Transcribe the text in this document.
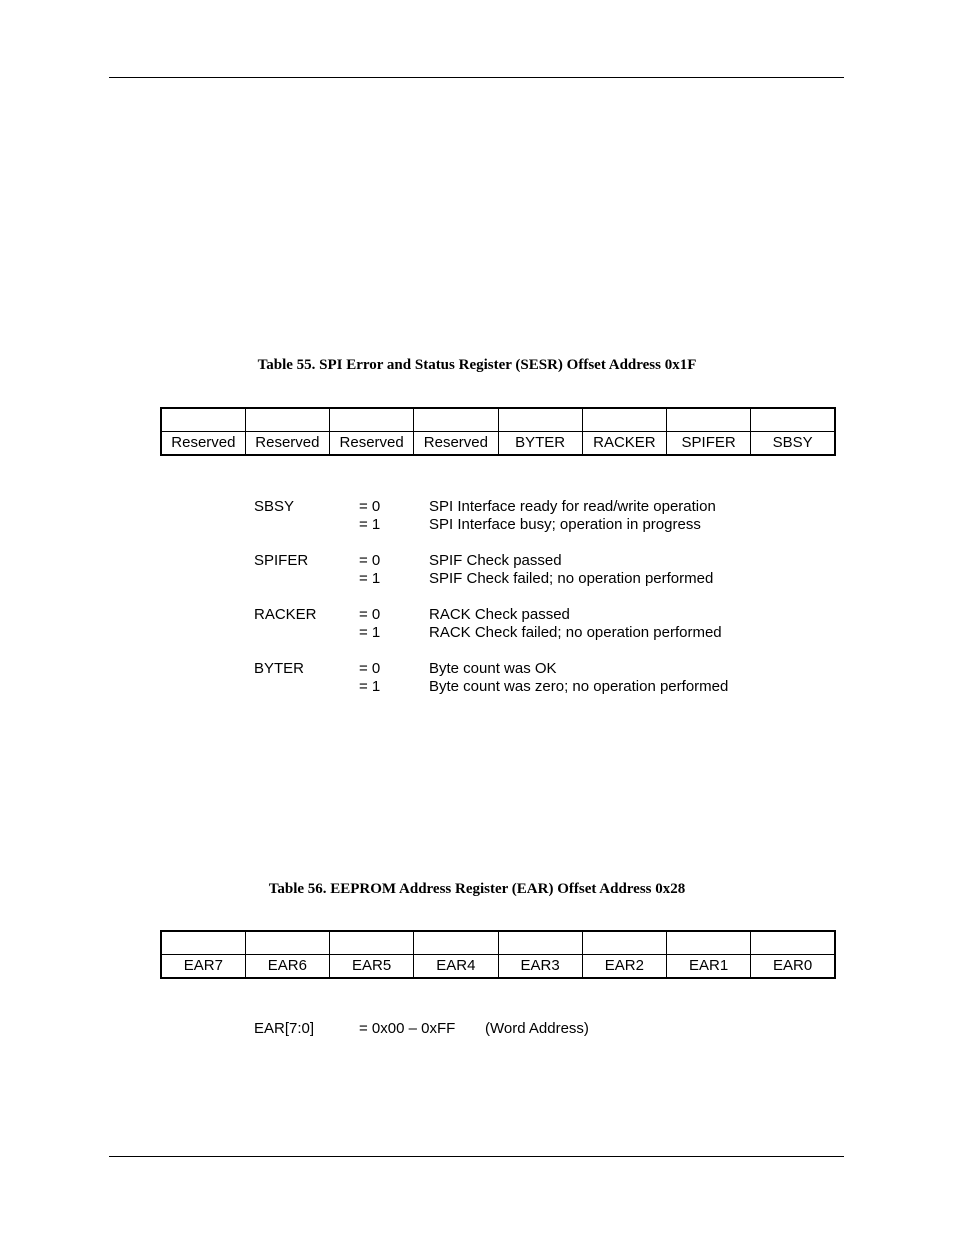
Table 55. SPI Error and Status Register (SESR) Offset Address 0x1F

Reserved	Reserved	Reserved	Reserved	BYTER	RACKER	SPIFER	SBSY
SBSY	= 0	SPI Interface ready for read/write operation
= 1	SPI Interface busy; operation in progress
SPIFER	= 0	SPIF Check passed
= 1	SPIF Check failed; no operation performed
RACKER	= 0	RACK Check passed
= 1	RACK Check failed; no operation performed
BYTER	= 0	Byte count was OK
= 1	Byte count was zero; no operation performed
Table 56. EEPROM Address Register (EAR) Offset Address 0x28

EAR7	EAR6	EAR5	EAR4	EAR3	EAR2	EAR1	EAR0
EAR[7:0]	= 0x00 – 0xFF (Word Address)
